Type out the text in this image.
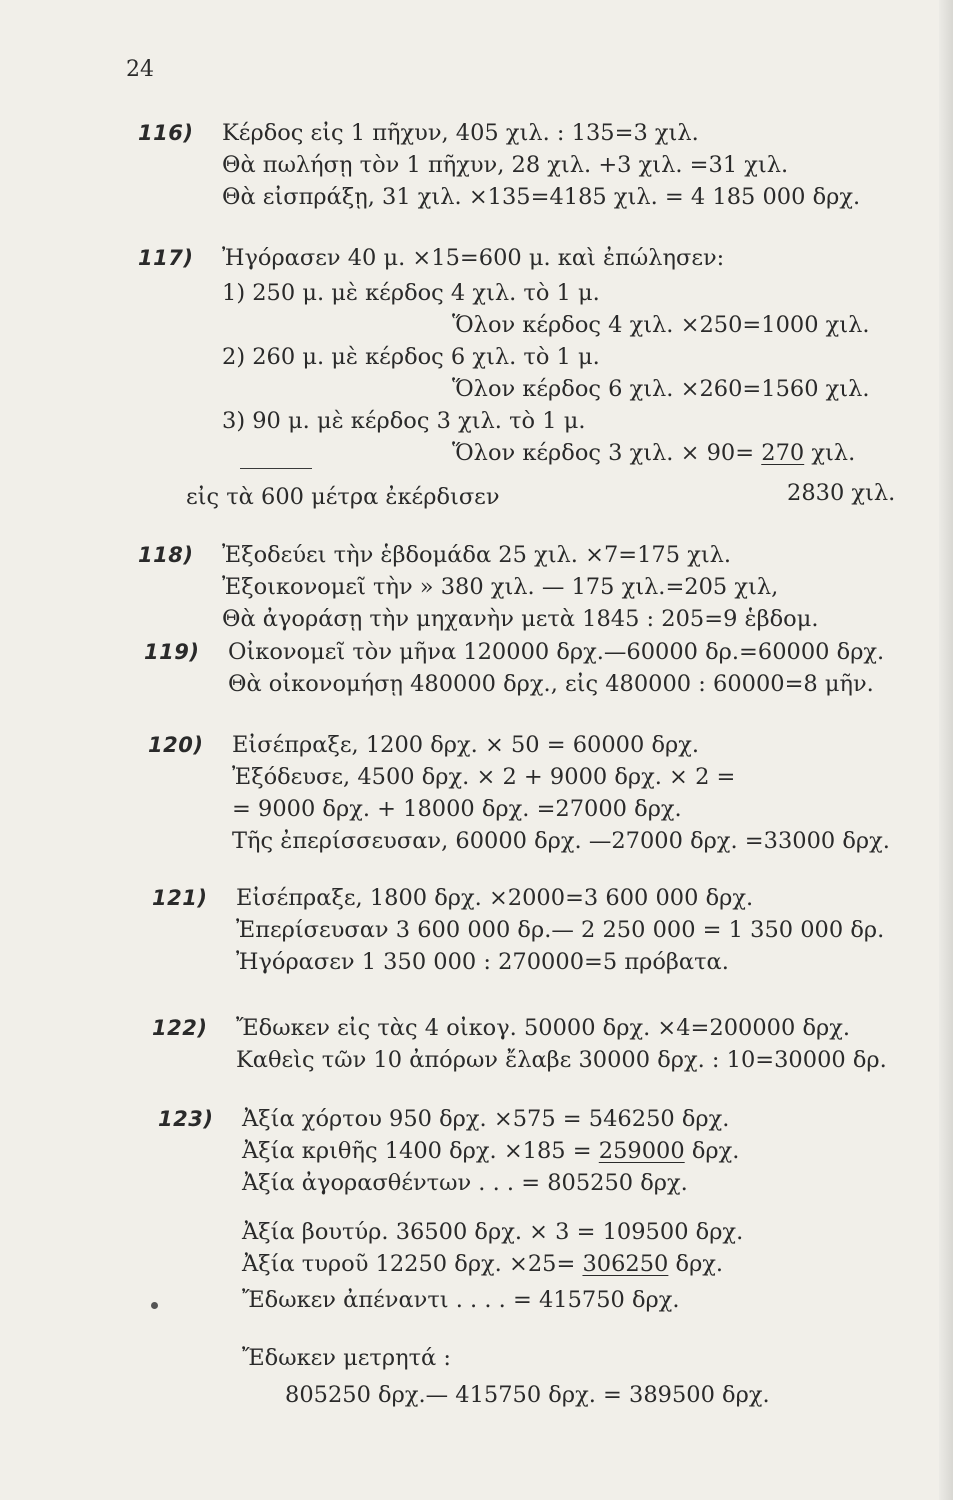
24
116) Κέρδος εἰς 1 πῆχυν, 405 χιλ. : 135=3 χιλ.
Θὰ πωλήσῃ τὸν 1 πῆχυν, 28 χιλ. +3 χιλ. =31 χιλ.
Θὰ εἰσπράξῃ, 31 χιλ. ×135=4185 χιλ. = 4 185 000 δρχ.
117) Ἠγόρασεν 40 μ. ×15=600 μ. καὶ ἐπώλησεν:
1) 250 μ. μὲ κέρδος 4 χιλ. τὸ 1 μ.
Ὅλον κέρδος 4 χιλ. ×250=1000 χιλ.
2) 260 μ. μὲ κέρδος 6 χιλ. τὸ 1 μ.
Ὅλον κέρδος 6 χιλ. ×260=1560 χιλ.
3) 90 μ. μὲ κέρδος 3 χιλ. τὸ 1 μ.
Ὅλον κέρδος 3 χιλ. × 90= 270 χιλ.
εἰς τὰ 600 μέτρα ἐκέρδισεν	2830 χιλ.
118) Ἐξοδεύει τὴν ἑβδομάδα 25 χιλ. ×7=175 χιλ.
Ἐξοικονομεῖ τὴν » 380 χιλ. — 175 χιλ.=205 χιλ,
Θὰ ἀγοράσῃ τὴν μηχανὴν μετὰ 1845 : 205=9 ἑβδομ.
119) Οἰκονομεῖ τὸν μῆνα 120000 δρχ.—60000 δρ.=60000 δρχ.
Θὰ οἰκονομήσῃ 480000 δρχ., εἰς 480000 : 60000=8 μῆν.
120) Εἰσέπραξε, 1200 δρχ. × 50 = 60000 δρχ.
Ἐξόδευσε, 4500 δρχ. × 2 + 9000 δρχ. × 2 =
= 9000 δρχ. + 18000 δρχ. =27000 δρχ.
Τῆς ἐπερίσσευσαν, 60000 δρχ. —27000 δρχ. =33000 δρχ.
121) Εἰσέπραξε, 1800 δρχ. ×2000=3 600 000 δρχ.
Ἐπερίσευσαν 3 600 000 δρ.— 2 250 000 = 1 350 000 δρ.
Ἠγόρασεν 1 350 000 : 270000=5 πρόβατα.
122) Ἔδωκεν εἰς τὰς 4 οἰκογ. 50000 δρχ. ×4=200000 δρχ.
Καθεὶς τῶν 10 ἀπόρων ἔλαβε 30000 δρχ. : 10=30000 δρ.
123) Ἀξία χόρτου 950 δρχ. ×575 = 546250 δρχ.
Ἀξία κριθῆς 1400 δρχ. ×185 = 259000 δρχ.
Ἀξία ἀγορασθέντων . . . = 805250 δρχ.
Ἀξία βουτύρ. 36500 δρχ. × 3 = 109500 δρχ.
Ἀξία τυροῦ 12250 δρχ. ×25= 306250 δρχ.
Ἔδωκεν ἀπέναντι . . . . = 415750 δρχ.
Ἔδωκεν μετρητά :
805250 δρχ.— 415750 δρχ. = 389500 δρχ.
